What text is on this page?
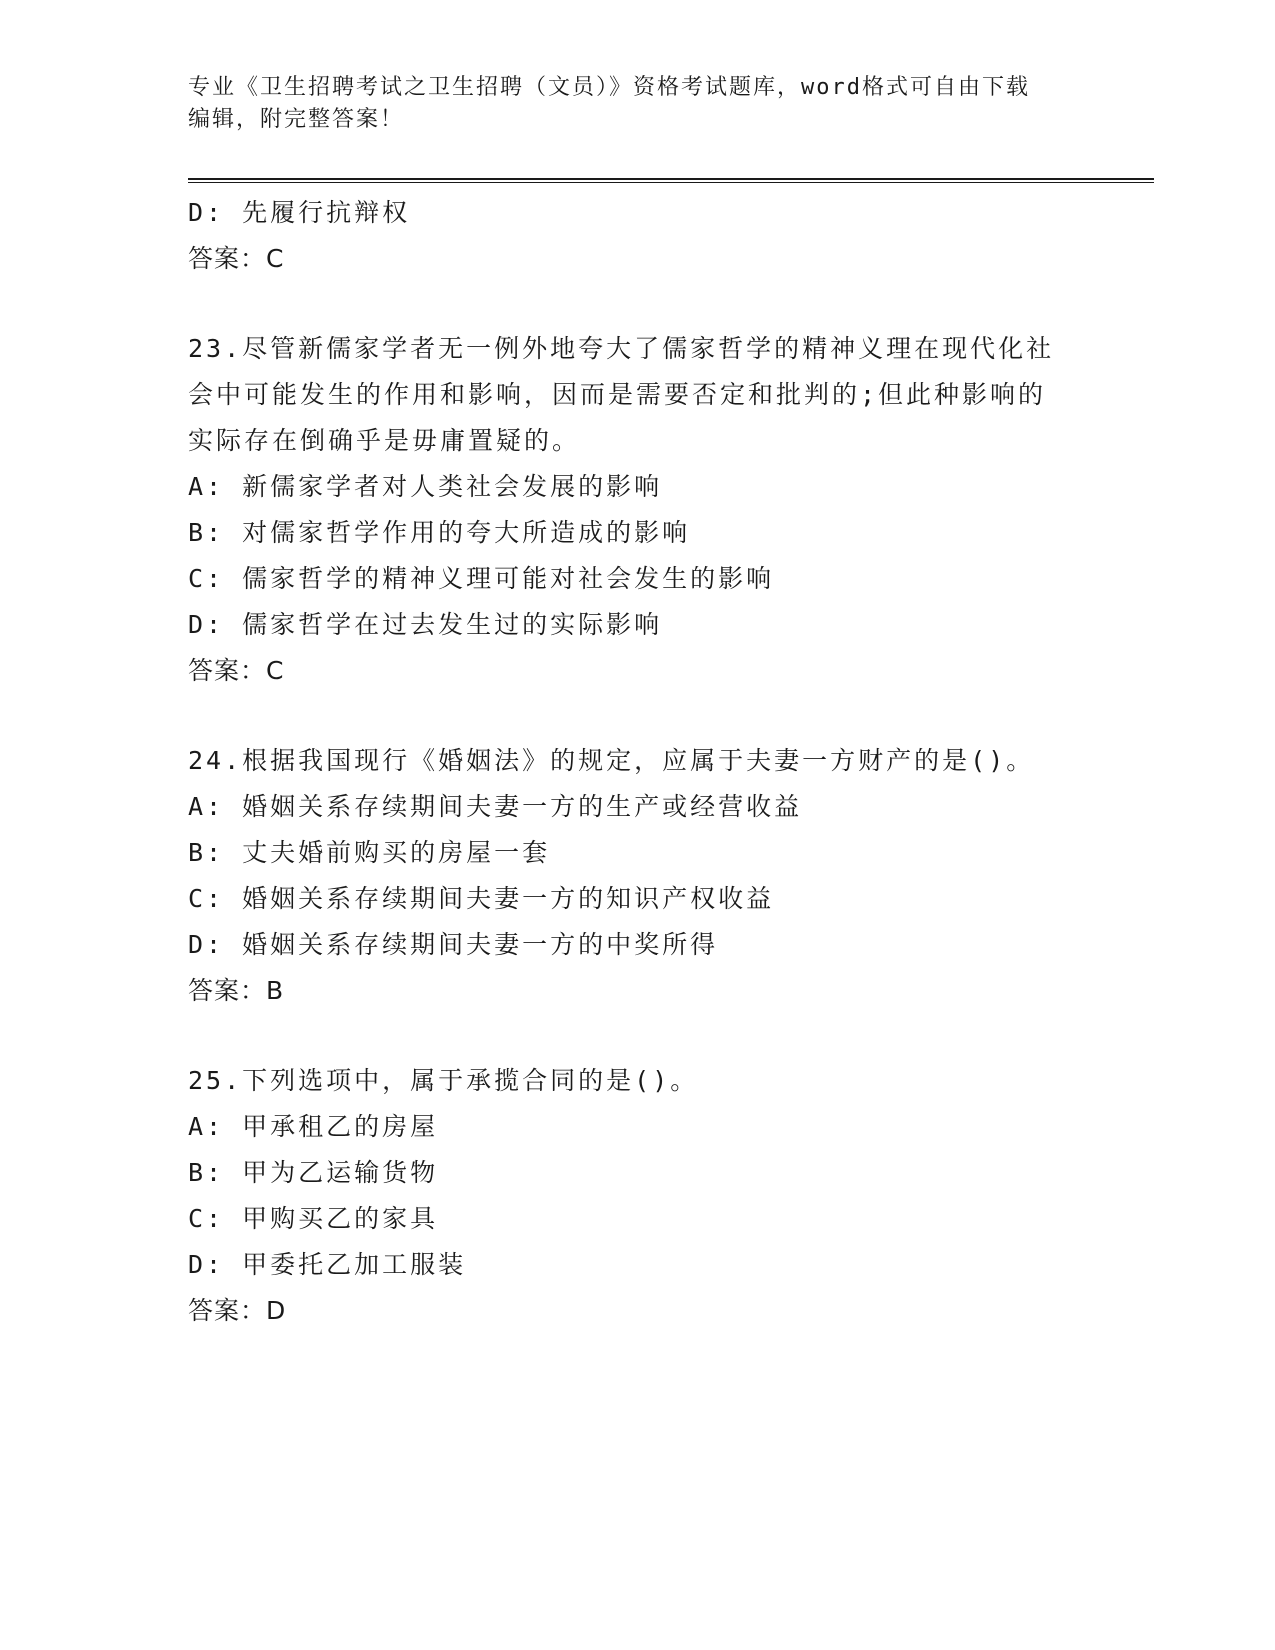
专业《卫生招聘考试之卫生招聘（文员）》资格考试题库，word格式可自由下载
编辑，附完整答案！
D: 先履行抗辩权
答案：C
23.尽管新儒家学者无一例外地夸大了儒家哲学的精神义理在现代化社
会中可能发生的作用和影响，因而是需要否定和批判的;但此种影响的
实际存在倒确乎是毋庸置疑的。
A: 新儒家学者对人类社会发展的影响
B: 对儒家哲学作用的夸大所造成的影响
C: 儒家哲学的精神义理可能对社会发生的影响
D: 儒家哲学在过去发生过的实际影响
答案：C
24.根据我国现行《婚姻法》的规定，应属于夫妻一方财产的是()。
A: 婚姻关系存续期间夫妻一方的生产或经营收益
B: 丈夫婚前购买的房屋一套
C: 婚姻关系存续期间夫妻一方的知识产权收益
D: 婚姻关系存续期间夫妻一方的中奖所得
答案：B
25.下列选项中，属于承揽合同的是()。
A: 甲承租乙的房屋
B: 甲为乙运输货物
C: 甲购买乙的家具
D: 甲委托乙加工服装
答案：D
